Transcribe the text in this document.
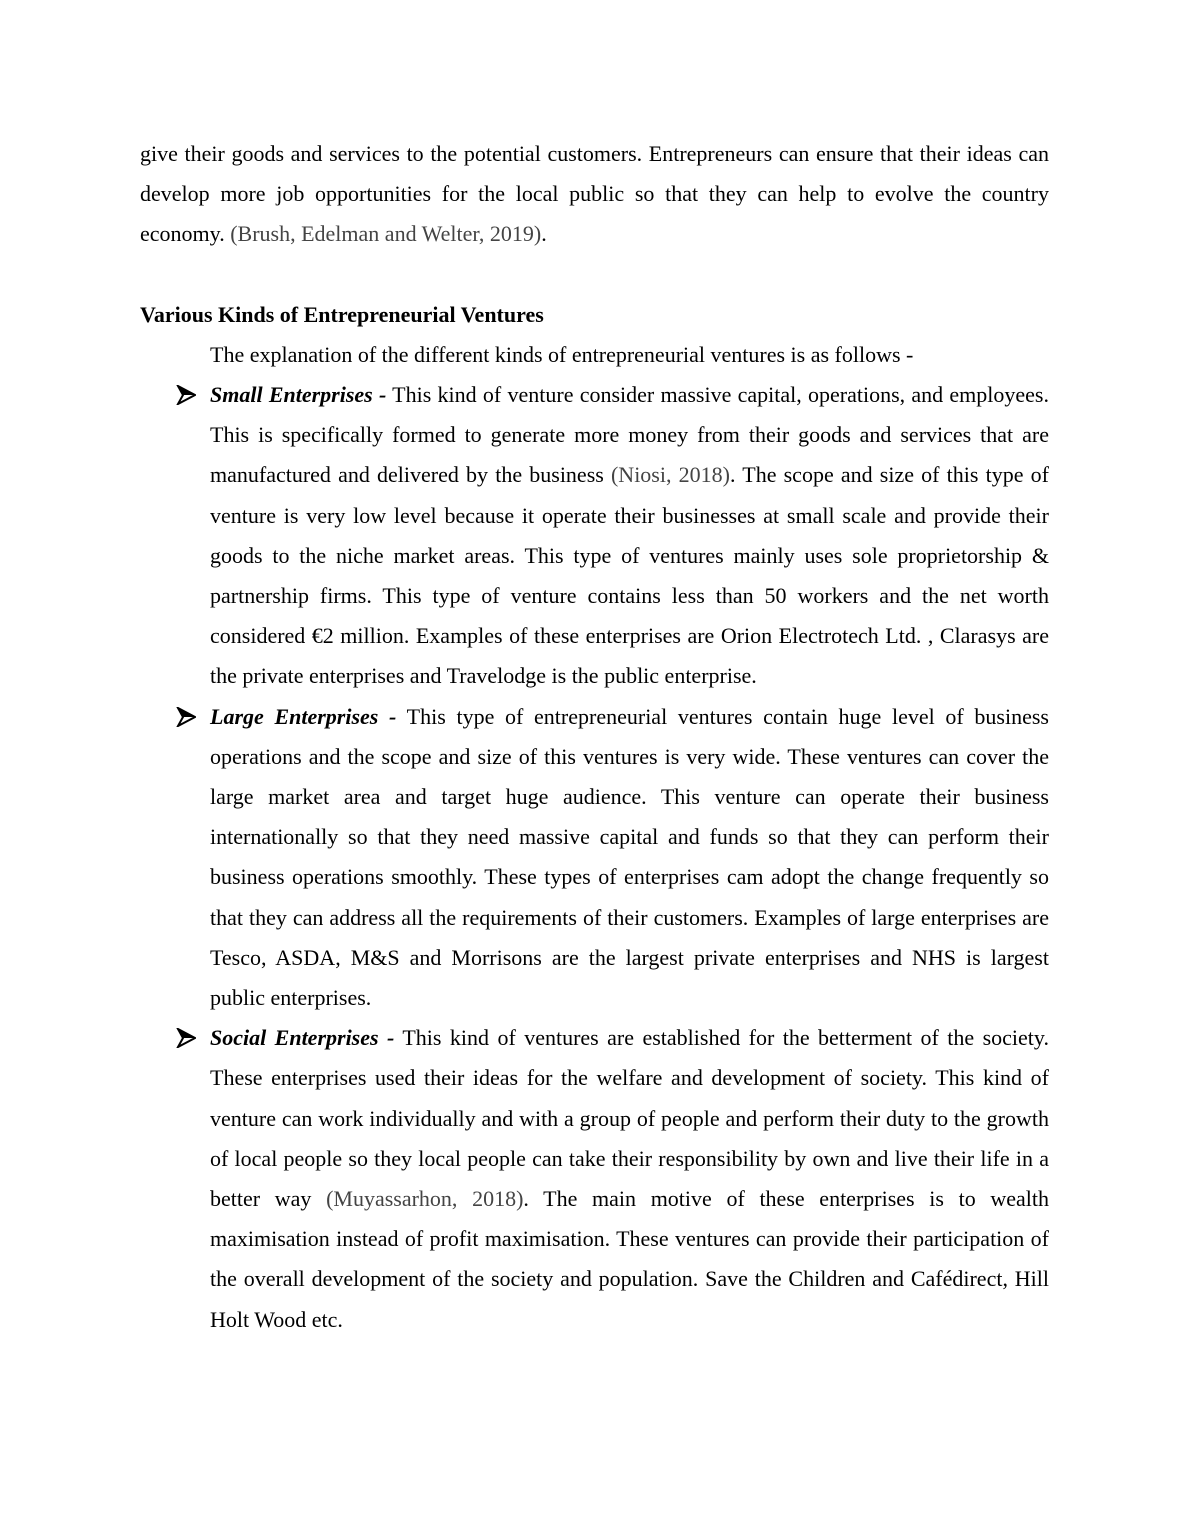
give their goods and services to the potential customers. Entrepreneurs can ensure that their ideas can develop more job opportunities for the local public so that they can help to evolve the country economy. (Brush, Edelman and Welter, 2019).

Various Kinds of Entrepreneurial Ventures

The explanation of the different kinds of entrepreneurial ventures is as follows -

Small Enterprises - This kind of venture consider massive capital, operations, and employees. This is specifically formed to generate more money from their goods and services that are manufactured and delivered by the business (Niosi, 2018). The scope and size of this type of venture is very low level because it operate their businesses at small scale and provide their goods to the niche market areas. This type of ventures mainly uses sole proprietorship & partnership firms. This type of venture contains less than 50 workers and the net worth considered €2 million. Examples of these enterprises are Orion Electrotech Ltd. , Clarasys are the private enterprises and Travelodge is the public enterprise.
Large Enterprises - This type of entrepreneurial ventures contain huge level of business operations and the scope and size of this ventures is very wide. These ventures can cover the large market area and target huge audience. This venture can operate their business internationally so that they need massive capital and funds so that they can perform their business operations smoothly. These types of enterprises cam adopt the change frequently so that they can address all the requirements of their customers. Examples of large enterprises are Tesco, ASDA, M&S and Morrisons are the largest private enterprises and NHS is largest public enterprises.
Social Enterprises - This kind of ventures are established for the betterment of the society. These enterprises used their ideas for the welfare and development of society. This kind of venture can work individually and with a group of people and perform their duty to the growth of local people so they local people can take their responsibility by own and live their life in a better way (Muyassarhon, 2018). The main motive of these enterprises is to wealth maximisation instead of profit maximisation. These ventures can provide their participation of the overall development of the society and population. Save the Children and Cafédirect, Hill Holt Wood etc.
